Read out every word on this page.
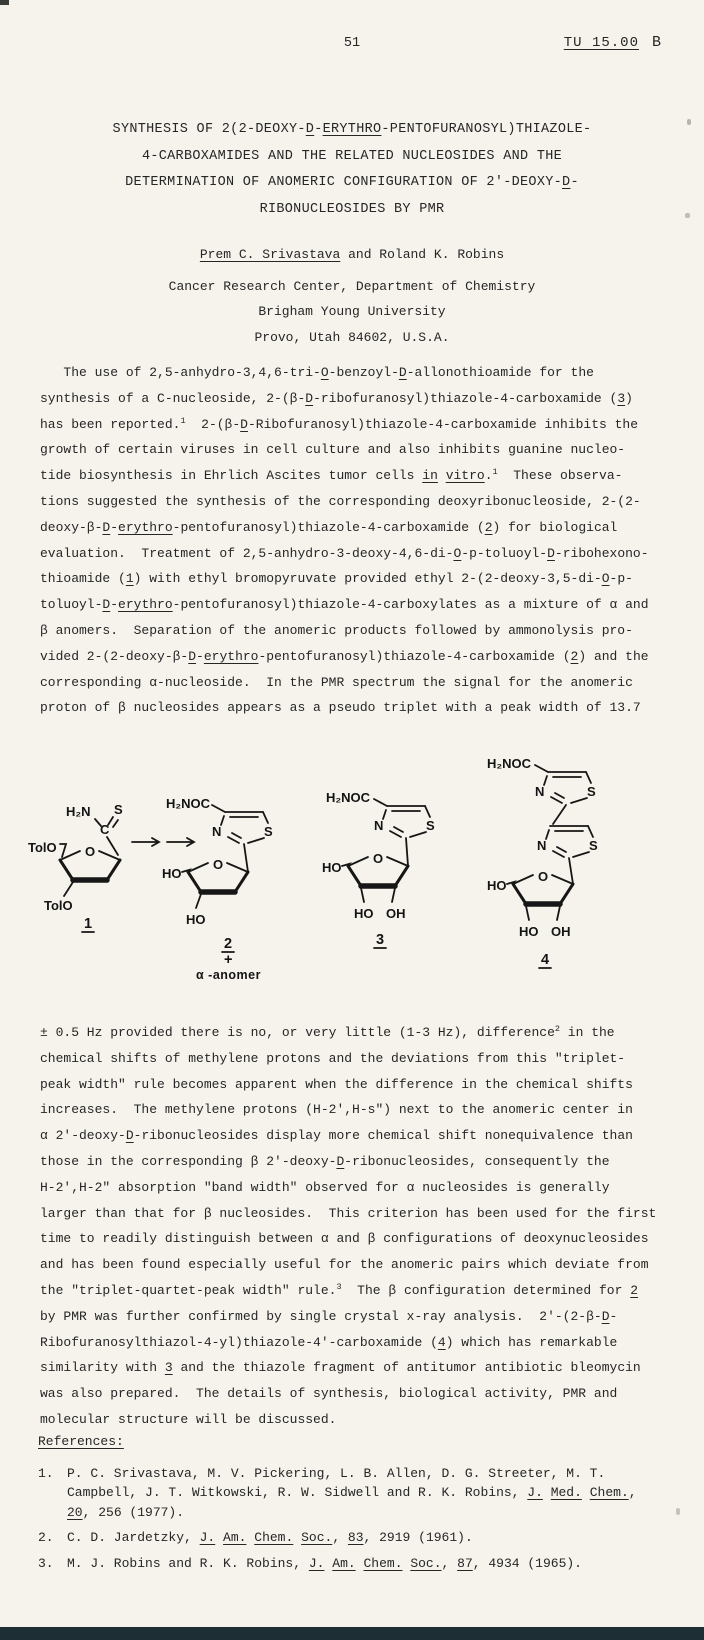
51	TU 15.00 B
SYNTHESIS OF 2(2-DEOXY-D-ERYTHRO-PENTOFURANOSYL)THIAZOLE-
4-CARBOXAMIDES AND THE RELATED NUCLEOSIDES AND THE
DETERMINATION OF ANOMERIC CONFIGURATION OF 2'-DEOXY-D-
RIBONUCLEOSIDES BY PMR
Prem C. Srivastava and Roland K. Robins
Cancer Research Center, Department of Chemistry
Brigham Young University
Provo, Utah 84602, U.S.A.
The use of 2,5-anhydro-3,4,6-tri-O-benzoyl-D-allonothioamide for the
synthesis of a C-nucleoside, 2-(β-D-ribofuranosyl)thiazole-4-carboxamide (3)
has been reported.$^1$  2-(β-D-Ribofuranosyl)thiazole-4-carboxamide inhibits the
growth of certain viruses in cell culture and also inhibits guanine nucleo-
tide biosynthesis in Ehrlich Ascites tumor cells in vitro.$^1$  These observa-
tions suggested the synthesis of the corresponding deoxyribonucleoside, 2-(2-
deoxy-β-D-erythro-pentofuranosyl)thiazole-4-carboxamide (2) for biological
evaluation.  Treatment of 2,5-anhydro-3-deoxy-4,6-di-O-p-toluoyl-D-ribohexono-
thioamide (1) with ethyl bromopyruvate provided ethyl 2-(2-deoxy-3,5-di-O-p-
toluoyl-D-erythro-pentofuranosyl)thiazole-4-carboxylates as a mixture of α and
β anomers.  Separation of the anomeric products followed by ammonolysis pro-
vided 2-(2-deoxy-β-D-erythro-pentofuranosyl)thiazole-4-carboxamide (2) and the
corresponding α-nucleoside.  In the PMR spectrum the signal for the anomeric
proton of β nucleosides appears as a pseudo triplet with a peak width of 13.7
H₂N S
C
O
TolO
TolO
1
H₂NOC
S
N
O
HO
HO
2
+
α -anomer
H₂NOC
S
N
O
HO
HO OH
3
H₂NOC
S
N
S
N
O
HO
HO OH
4
± 0.5 Hz provided there is no, or very little (1-3 Hz), difference$^2$ in the
chemical shifts of methylene protons and the deviations from this "triplet-
peak width" rule becomes apparent when the difference in the chemical shifts
increases.  The methylene protons (H-2',H-s") next to the anomeric center in
α 2'-deoxy-D-ribonucleosides display more chemical shift nonequivalence than
those in the corresponding β 2'-deoxy-D-ribonucleosides, consequently the
H-2',H-2" absorption "band width" observed for α nucleosides is generally
larger than that for β nucleosides.  This criterion has been used for the first
time to readily distinguish between α and β configurations of deoxynucleosides
and has been found especially useful for the anomeric pairs which deviate from
the "triplet-quartet-peak width" rule.$^3$  The β configuration determined for 2
by PMR was further confirmed by single crystal x-ray analysis.  2'-(2-β-D-
Ribofuranosylthiazol-4-yl)thiazole-4'-carboxamide (4) which has remarkable
similarity with 3 and the thiazole fragment of antitumor antibiotic bleomycin
was also prepared.  The details of synthesis, biological activity, PMR and
molecular structure will be discussed.
References:
1.	P. C. Srivastava, M. V. Pickering, L. B. Allen, D. G. Streeter, M. T.
Campbell, J. T. Witkowski, R. W. Sidwell and R. K. Robins, J. Med. Chem.,
20, 256 (1977).
2.	C. D. Jardetzky, J. Am. Chem. Soc., 83, 2919 (1961).
3.	M. J. Robins and R. K. Robins, J. Am. Chem. Soc., 87, 4934 (1965).
